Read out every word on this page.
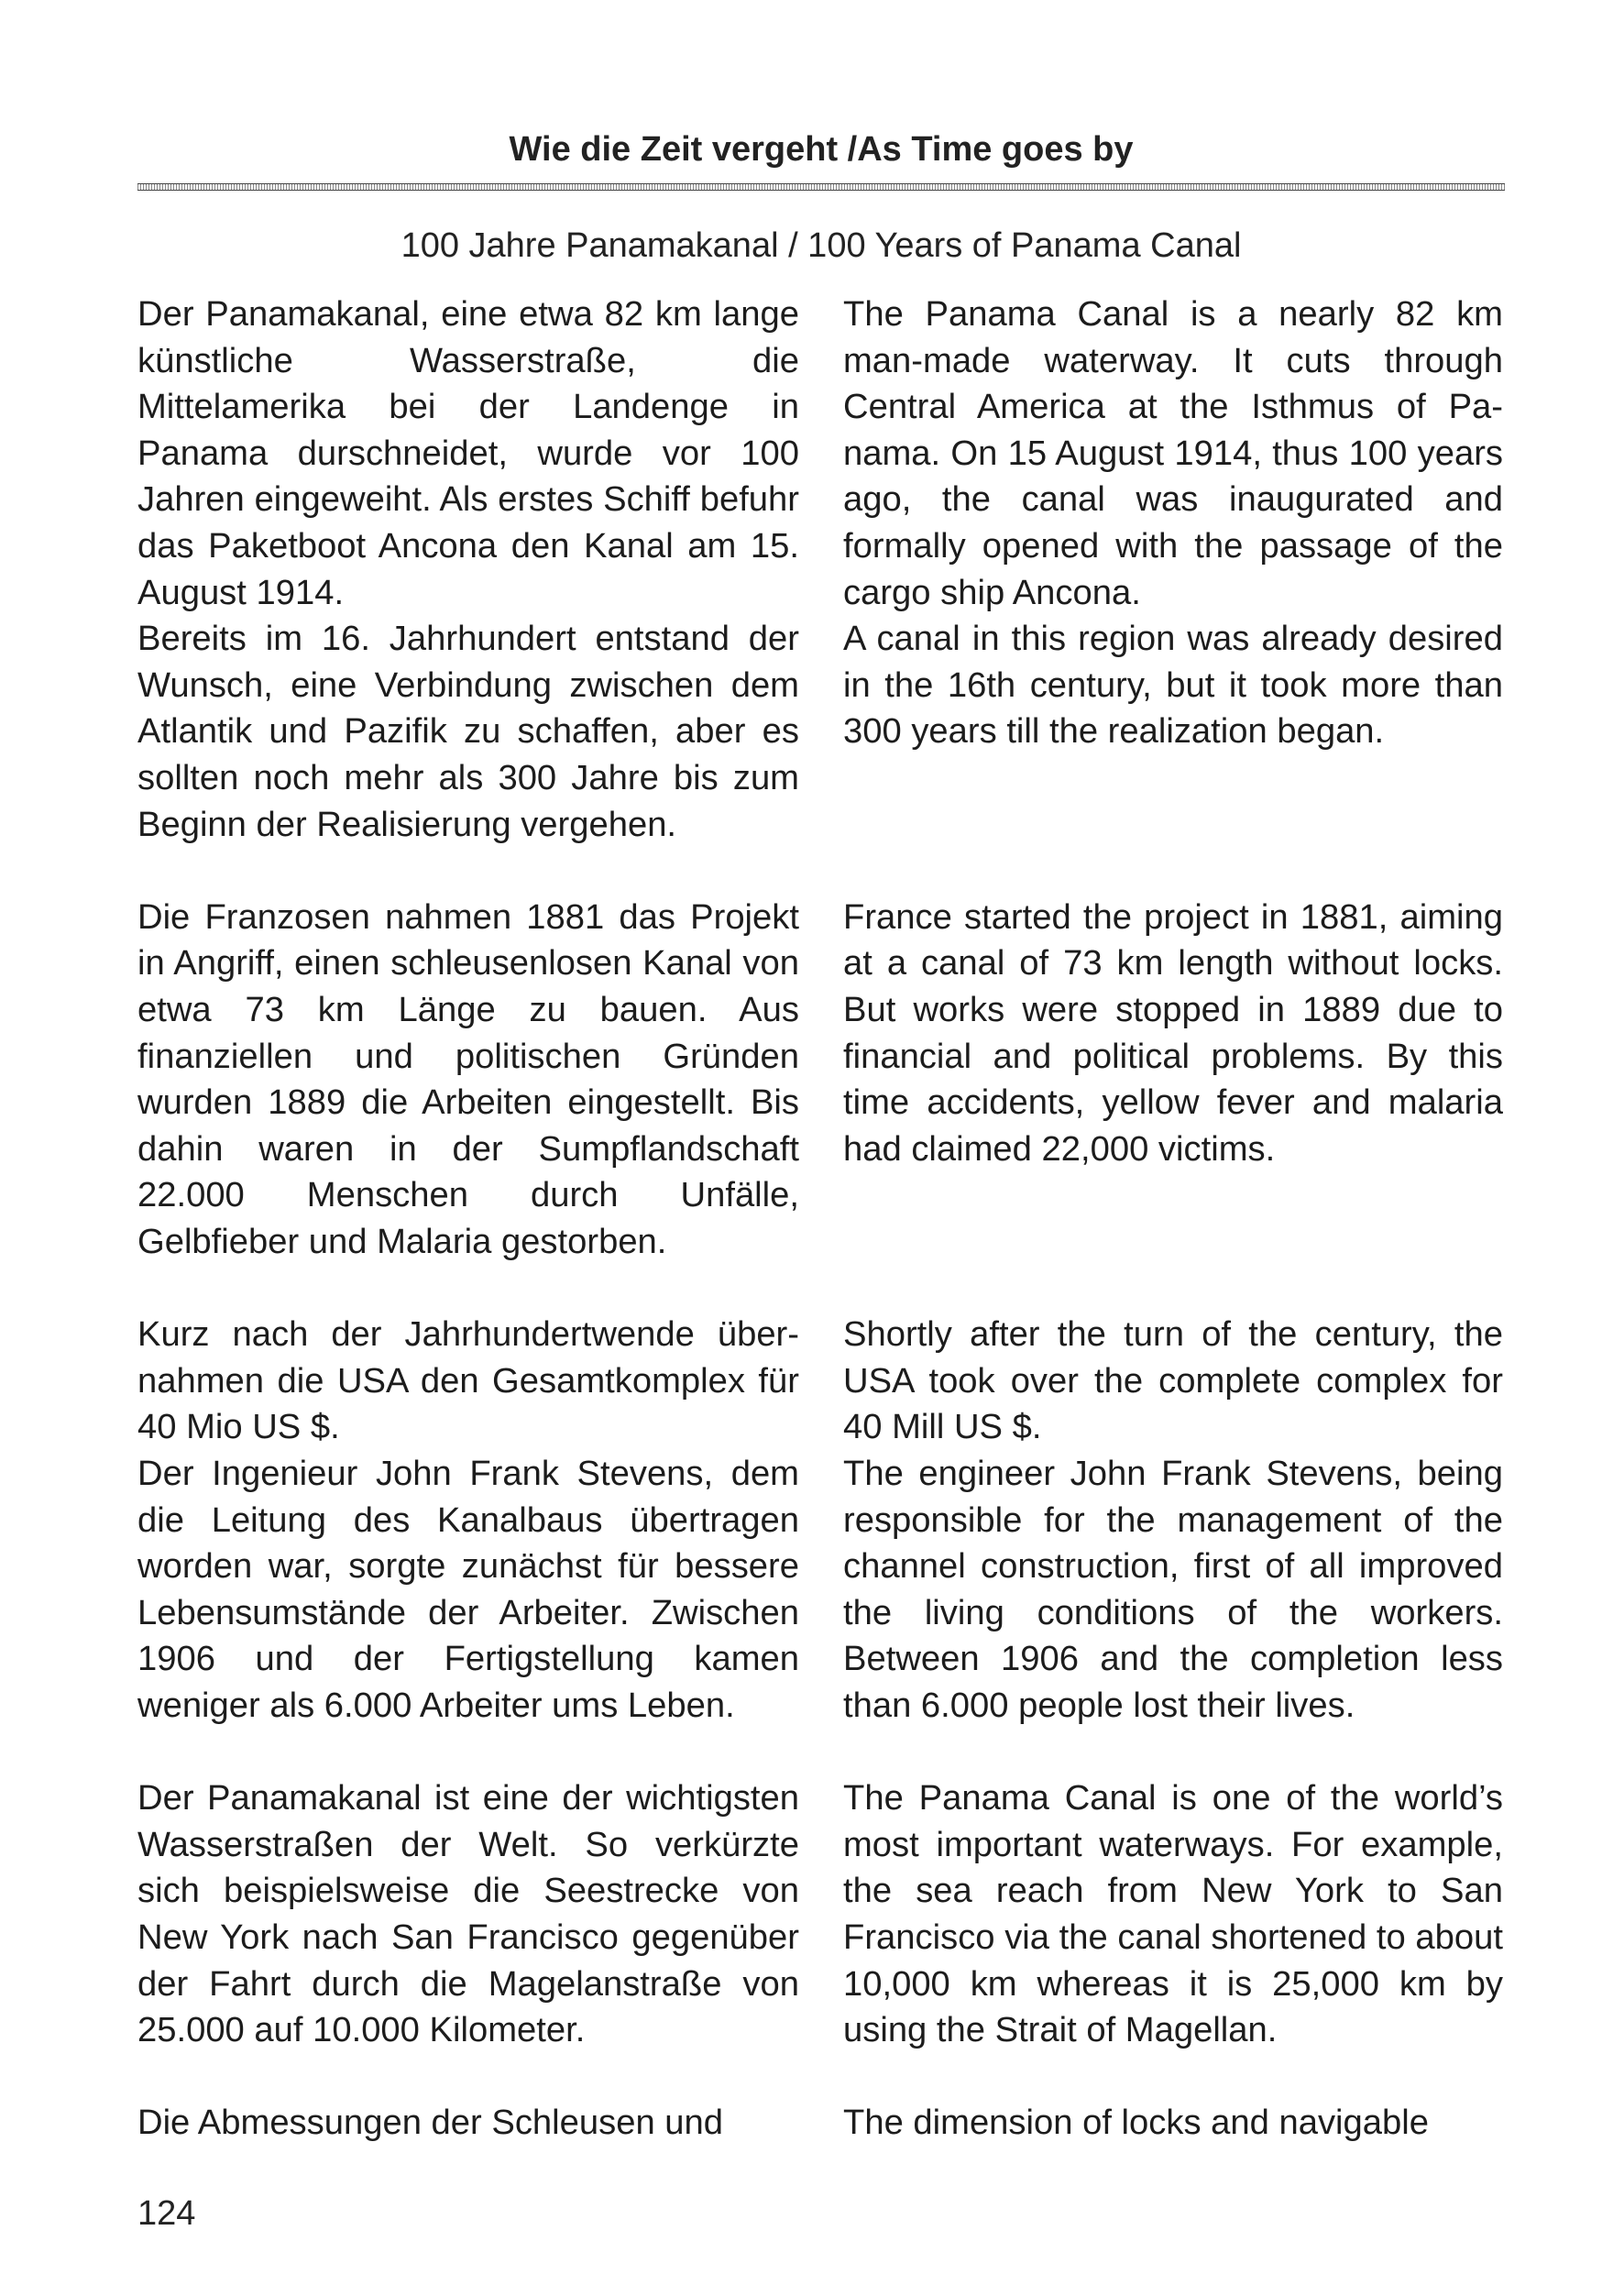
Wie die Zeit vergeht /As Time goes by
100 Jahre Panamakanal / 100 Years of Panama Canal

Der Panamakanal, eine etwa 82 km lange künstliche Wasserstraße, die Mittelamerika bei der Landenge in Panama durschneidet, wurde vor 100 Jahren eingeweiht. Als erstes Schiff befuhr das Paketboot Ancona den Kanal am 15. August 1914.

Bereits im 16. Jahrhundert entstand der Wunsch, eine Verbindung zwischen dem Atlantik und Pazifik zu schaffen, aber es sollten noch mehr als 300 Jahre bis zum Beginn der Realisierung vergehen.

Die Franzosen nahmen 1881 das Projekt in Angriff, einen schleusenlosen Kanal von etwa 73 km Länge zu bauen. Aus finanziellen und politischen Gründen wurden 1889 die Arbeiten eingestellt. Bis dahin waren in der Sumpflandschaft 22.000 Menschen durch Unfälle, Gelbfieber und Malaria gestorben.

Kurz nach der Jahrhundertwende übernahmen die USA den Gesamtkomplex für 40 Mio US $.

Der Ingenieur John Frank Stevens, dem die Leitung des Kanalbaus übertragen worden war, sorgte zunächst für bessere Lebensumstände der Arbeiter. Zwischen 1906 und der Fertigstellung kamen weniger als 6.000 Arbeiter ums Leben.

Der Panamakanal ist eine der wichtigsten Wasserstraßen der Welt. So verkürzte sich beispielsweise die Seestrecke von New York nach San Francisco gegenüber der Fahrt durch die Magelanstraße von 25.000 auf 10.000 Kilometer.

Die Abmessungen der Schleusen und

The Panama Canal is a nearly 82 km man-made waterway. It cuts through Central America at the Isthmus of Panama. On 15 August 1914, thus 100 years ago, the canal was inaugurated and formally opened with the passage of the cargo ship Ancona.

A canal in this region was already desired in the 16th century, but it took more than 300 years till the realization began.

France started the project in 1881, aiming at a canal of 73 km length without locks. But works were stopped in 1889 due to financial and political problems. By this time accidents, yellow fever and malaria had claimed 22,000 victims.

Shortly after the turn of the century, the USA took over the complete complex for 40 Mill US $.

The engineer John Frank Stevens, being responsible for the management of the channel construction, first of all improved the living conditions of the workers. Between 1906 and the completion less than 6.000 people lost their lives.

The Panama Canal is one of the world’s most important waterways. For example, the sea reach from New York to San Francisco via the canal shortened to about 10,000 km whereas it is 25,000 km by using the Strait of Magellan.

The dimension of locks and navigable

124
